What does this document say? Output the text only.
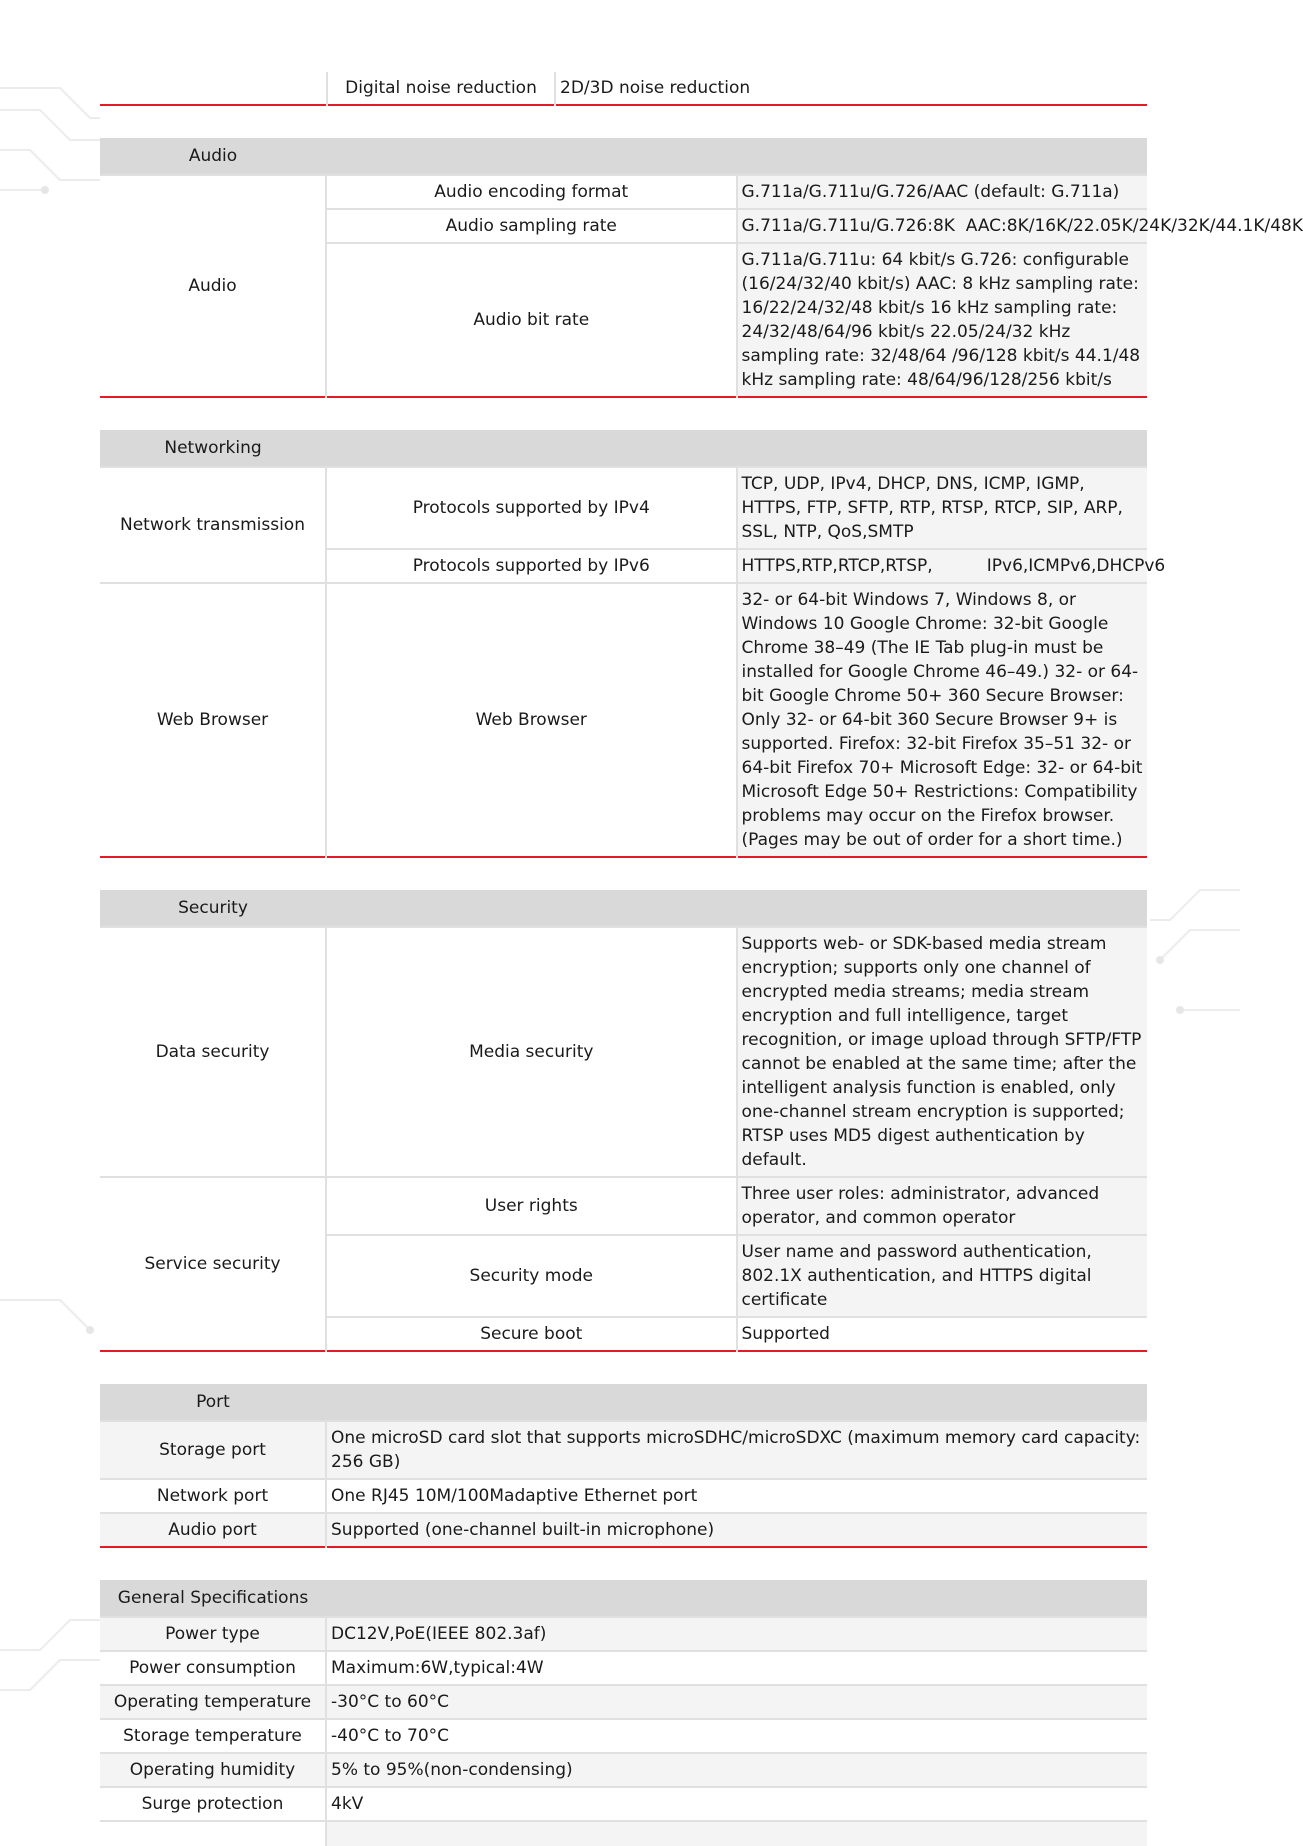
	Digital noise reduction	2D/3D noise reduction
Audio		
Audio	Audio encoding format	G.711a/G.711u/G.726/AAC (default: G.711a)
	Audio sampling rate	G.711a/G.711u/G.726:8K  AAC:8K/16K/22.05K/24K/32K/44.1K/48K
	Audio bit rate	G.711a/G.711u: 64 kbit/s G.726: configurable (16/24/32/40 kbit/s) AAC: 8 kHz sampling rate: 16/22/24/32/48 kbit/s 16 kHz sampling rate: 24/32/48/64/96 kbit/s 22.05/24/32 kHz sampling rate: 32/48/64 /96/128 kbit/s 44.1/48 kHz sampling rate: 48/64/96/128/256 kbit/s
Networking		
Network transmission	Protocols supported by IPv4	TCP, UDP, IPv4, DHCP, DNS, ICMP, IGMP, HTTPS, FTP, SFTP, RTP, RTSP, RTCP, SIP, ARP, SSL, NTP, QoS,SMTP
	Protocols supported by IPv6	HTTPS,RTP,RTCP,RTSP,          IPv6,ICMPv6,DHCPv6
Web Browser	Web Browser	32- or 64-bit Windows 7, Windows 8, or Windows 10 Google Chrome: 32-bit Google Chrome 38–49 (The IE Tab plug-in must be installed for Google Chrome 46–49.) 32- or 64-bit Google Chrome 50+ 360 Secure Browser: Only 32- or 64-bit 360 Secure Browser 9+ is supported. Firefox: 32-bit Firefox 35–51 32- or 64-bit Firefox 70+ Microsoft Edge: 32- or 64-bit Microsoft Edge 50+ Restrictions: Compatibility problems may occur on the Firefox browser. (Pages may be out of order for a short time.)
Security		
Data security	Media security	Supports web- or SDK-based media stream encryption; supports only one channel of encrypted media streams; media stream encryption and full intelligence, target recognition, or image upload through SFTP/FTP cannot be enabled at the same time; after the intelligent analysis function is enabled, only one-channel stream encryption is supported; RTSP uses MD5 digest authentication by default.
Service security	User rights	Three user roles: administrator, advanced operator, and common operator
	Security mode	User name and password authentication, 802.1X authentication, and HTTPS digital certificate
	Secure boot	Supported
Port	
Storage port	One microSD card slot that supports microSDHC/microSDXC (maximum memory card capacity: 256 GB)
Network port	One RJ45 10M/100Madaptive Ethernet port
Audio port	Supported (one-channel built-in microphone)
General Specifications	
Power type	DC12V,PoE(IEEE 802.3af)
Power consumption	Maximum:6W,typical:4W
Operating temperature	-30°C to 60°C
Storage temperature	-40°C to 70°C
Operating humidity	5% to 95%(non-condensing)
Surge protection	4kV
